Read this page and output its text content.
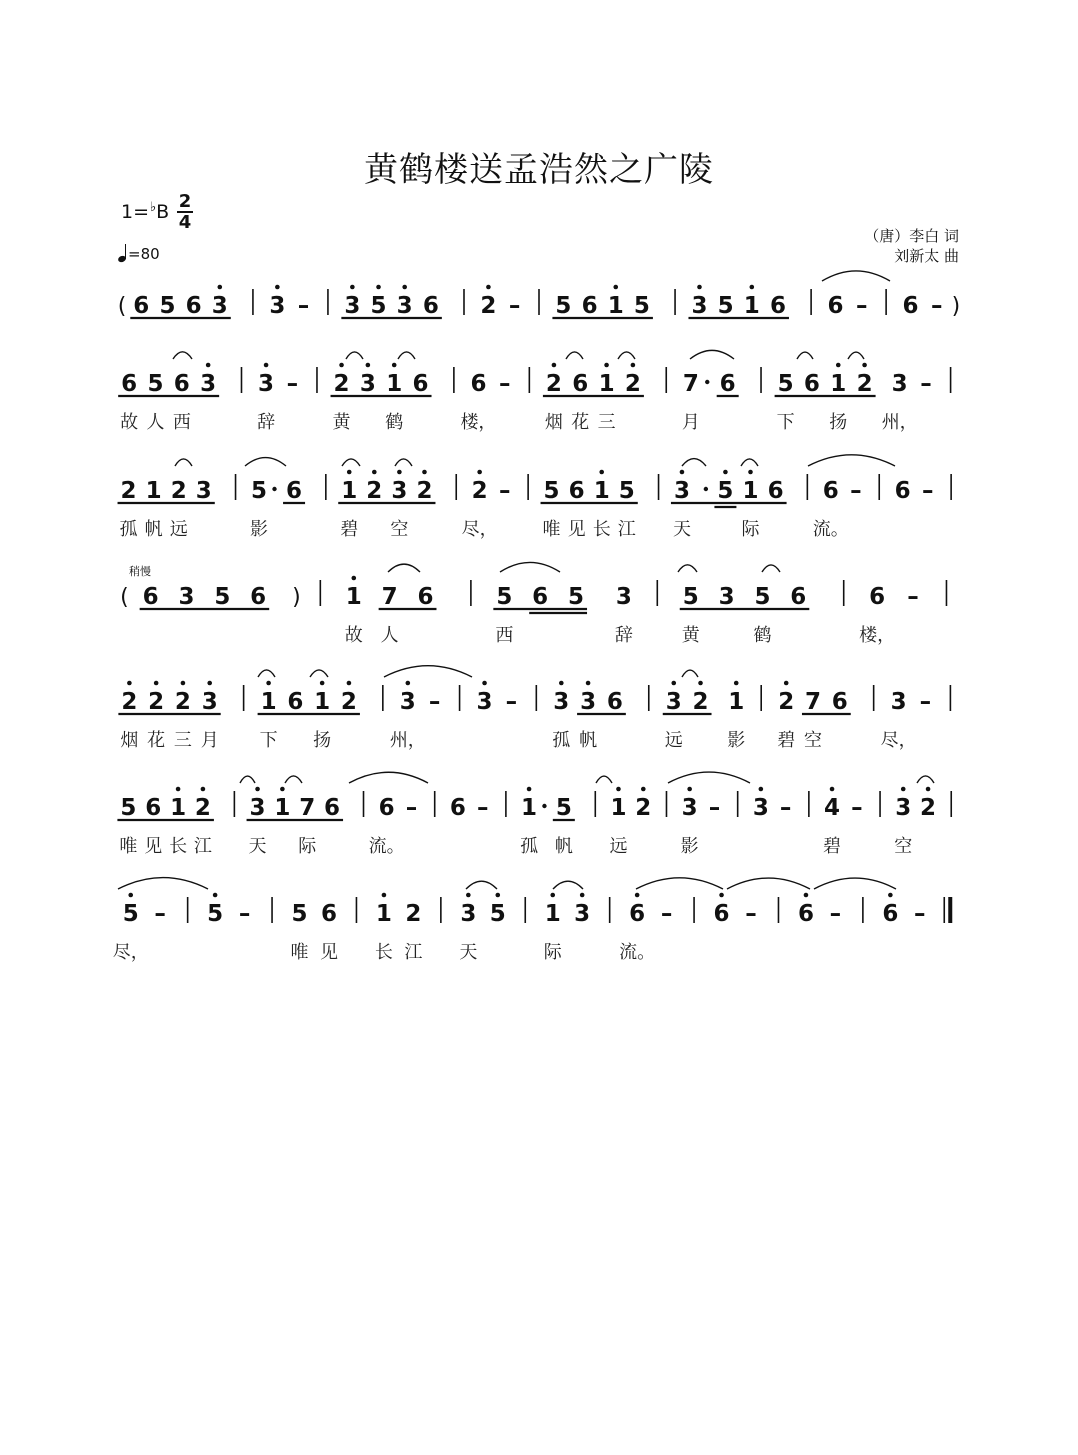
黄鹤楼送孟浩然之广陵
1=♭B 2
4
=80
（唐）李白 词
刘新太 曲
稍慢
( 6 5 6 3 3 – 3 5 3 6 2 – 5 6 1 5 3 5 1 6 6 – 6 – )
6
故
5
人
6
西
3 3
辞
– 2
黄
3 1
鹤
6 6
楼，
– 2
烟
6
花
1
三
2 7
月
6 5
下
6 1
扬
2 3
州，
–
2
孤
1
帆
2
远
3 5
影
6 1
碧
2 3
空
2 2
尽，
– 5
唯
6
见
1
长
5
江
3
天
5 1
际
6 6
流。
– 6 –
( 6 3 5 6 ) 1
故
7
人
6	5
西
6 5 3
辞
5
黄
3 5
鹤
6	6
楼，
–
2
烟
2
花
2
三
3
月
1
下
6 1
扬
2 3
州，
– 3 – 3
孤
3
帆
6 3
远
2 1
影
2
碧
7
空
6 3
尽，
–
5
唯
6
见
1
长
2
江
3
天
1 7
际
6 6
流。
– 6 – 1
孤
5
帆
1
远
2 3
影
– 3 – 4
碧
– 3
空
2
5
尽，
– 5 – 5
唯
6
见
1
长
2
江
3
天
5 1
际
3 6
流。
– 6 – 6 – 6 –
